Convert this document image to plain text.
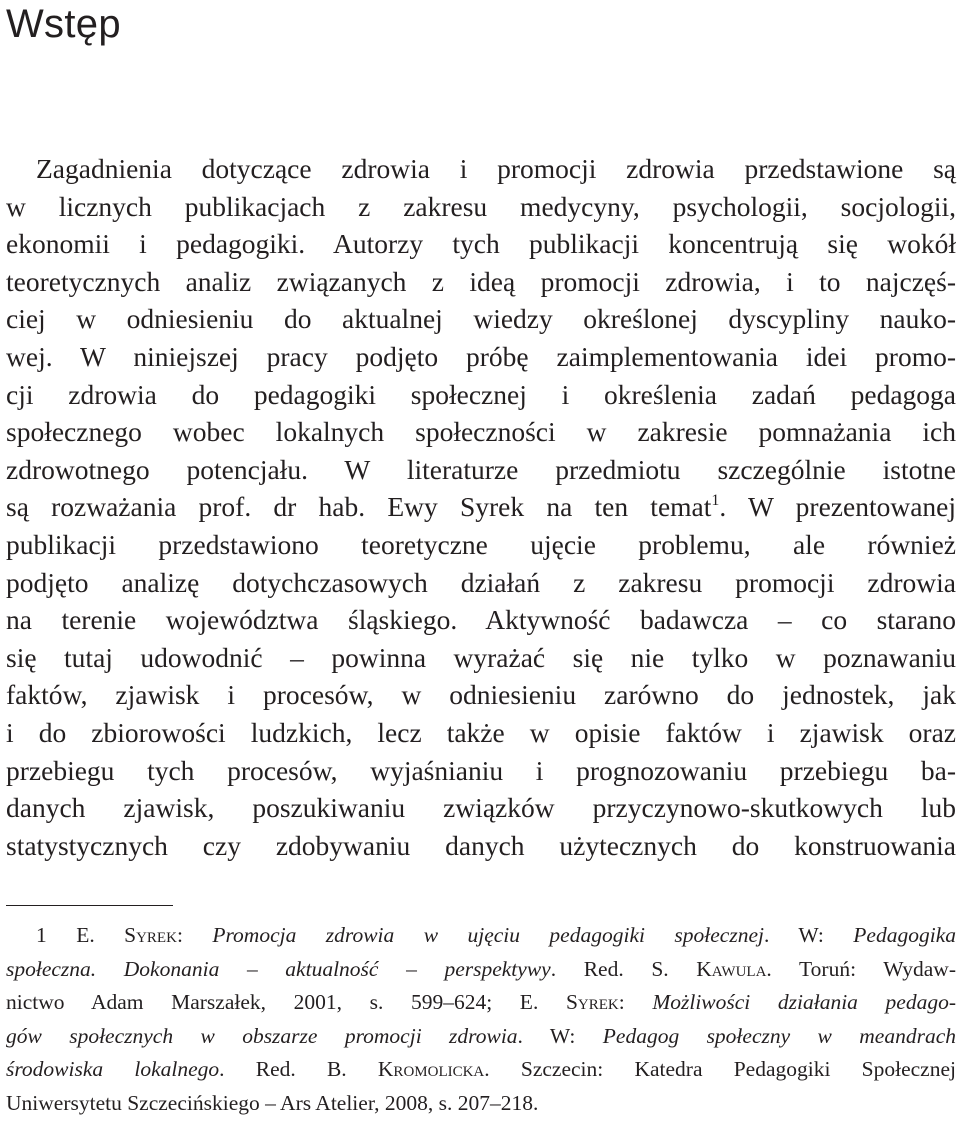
Wstęp
Zagadnienia dotyczące zdrowia i promocji zdrowia przedstawione są
w licznych publikacjach z zakresu medycyny, psychologii, socjologii,
ekonomii i pedagogiki. Autorzy tych publikacji koncentrują się wokół
teoretycznych analiz związanych z ideą promocji zdrowia, i to najczęś-
ciej w odniesieniu do aktualnej wiedzy określonej dyscypliny nauko-
wej. W niniejszej pracy podjęto próbę zaimplementowania idei promo-
cji zdrowia do pedagogiki społecznej i określenia zadań pedagoga
społecznego wobec lokalnych społeczności w zakresie pomnażania ich
zdrowotnego potencjału. W literaturze przedmiotu szczególnie istotne
są rozważania prof. dr hab. Ewy Syrek na ten temat$^1$. W prezentowanej
publikacji przedstawiono teoretyczne ujęcie problemu, ale również
podjęto analizę dotychczasowych działań z zakresu promocji zdrowia
na terenie województwa śląskiego. Aktywność badawcza – co starano
się tutaj udowodnić – powinna wyrażać się nie tylko w poznawaniu
faktów, zjawisk i procesów, w odniesieniu zarówno do jednostek, jak
i do zbiorowości ludzkich, lecz także w opisie faktów i zjawisk oraz
przebiegu tych procesów, wyjaśnianiu i prognozowaniu przebiegu ba-
danych zjawisk, poszukiwaniu związków przyczynowo-skutkowych lub
statystycznych czy zdobywaniu danych użytecznych do konstruowania
1 E. Syrek: Promocja zdrowia w ujęciu pedagogiki społecznej. W: Pedagogika
społeczna. Dokonania – aktualność – perspektywy. Red. S. Kawula. Toruń: Wydaw-
nictwo Adam Marszałek, 2001, s. 599–624; E. Syrek: Możliwości działania pedago-
gów społecznych w obszarze promocji zdrowia. W: Pedagog społeczny w meandrach
środowiska lokalnego. Red. B. Kromolicka. Szczecin: Katedra Pedagogiki Społecznej
Uniwersytetu Szczecińskiego – Ars Atelier, 2008, s. 207–218.
